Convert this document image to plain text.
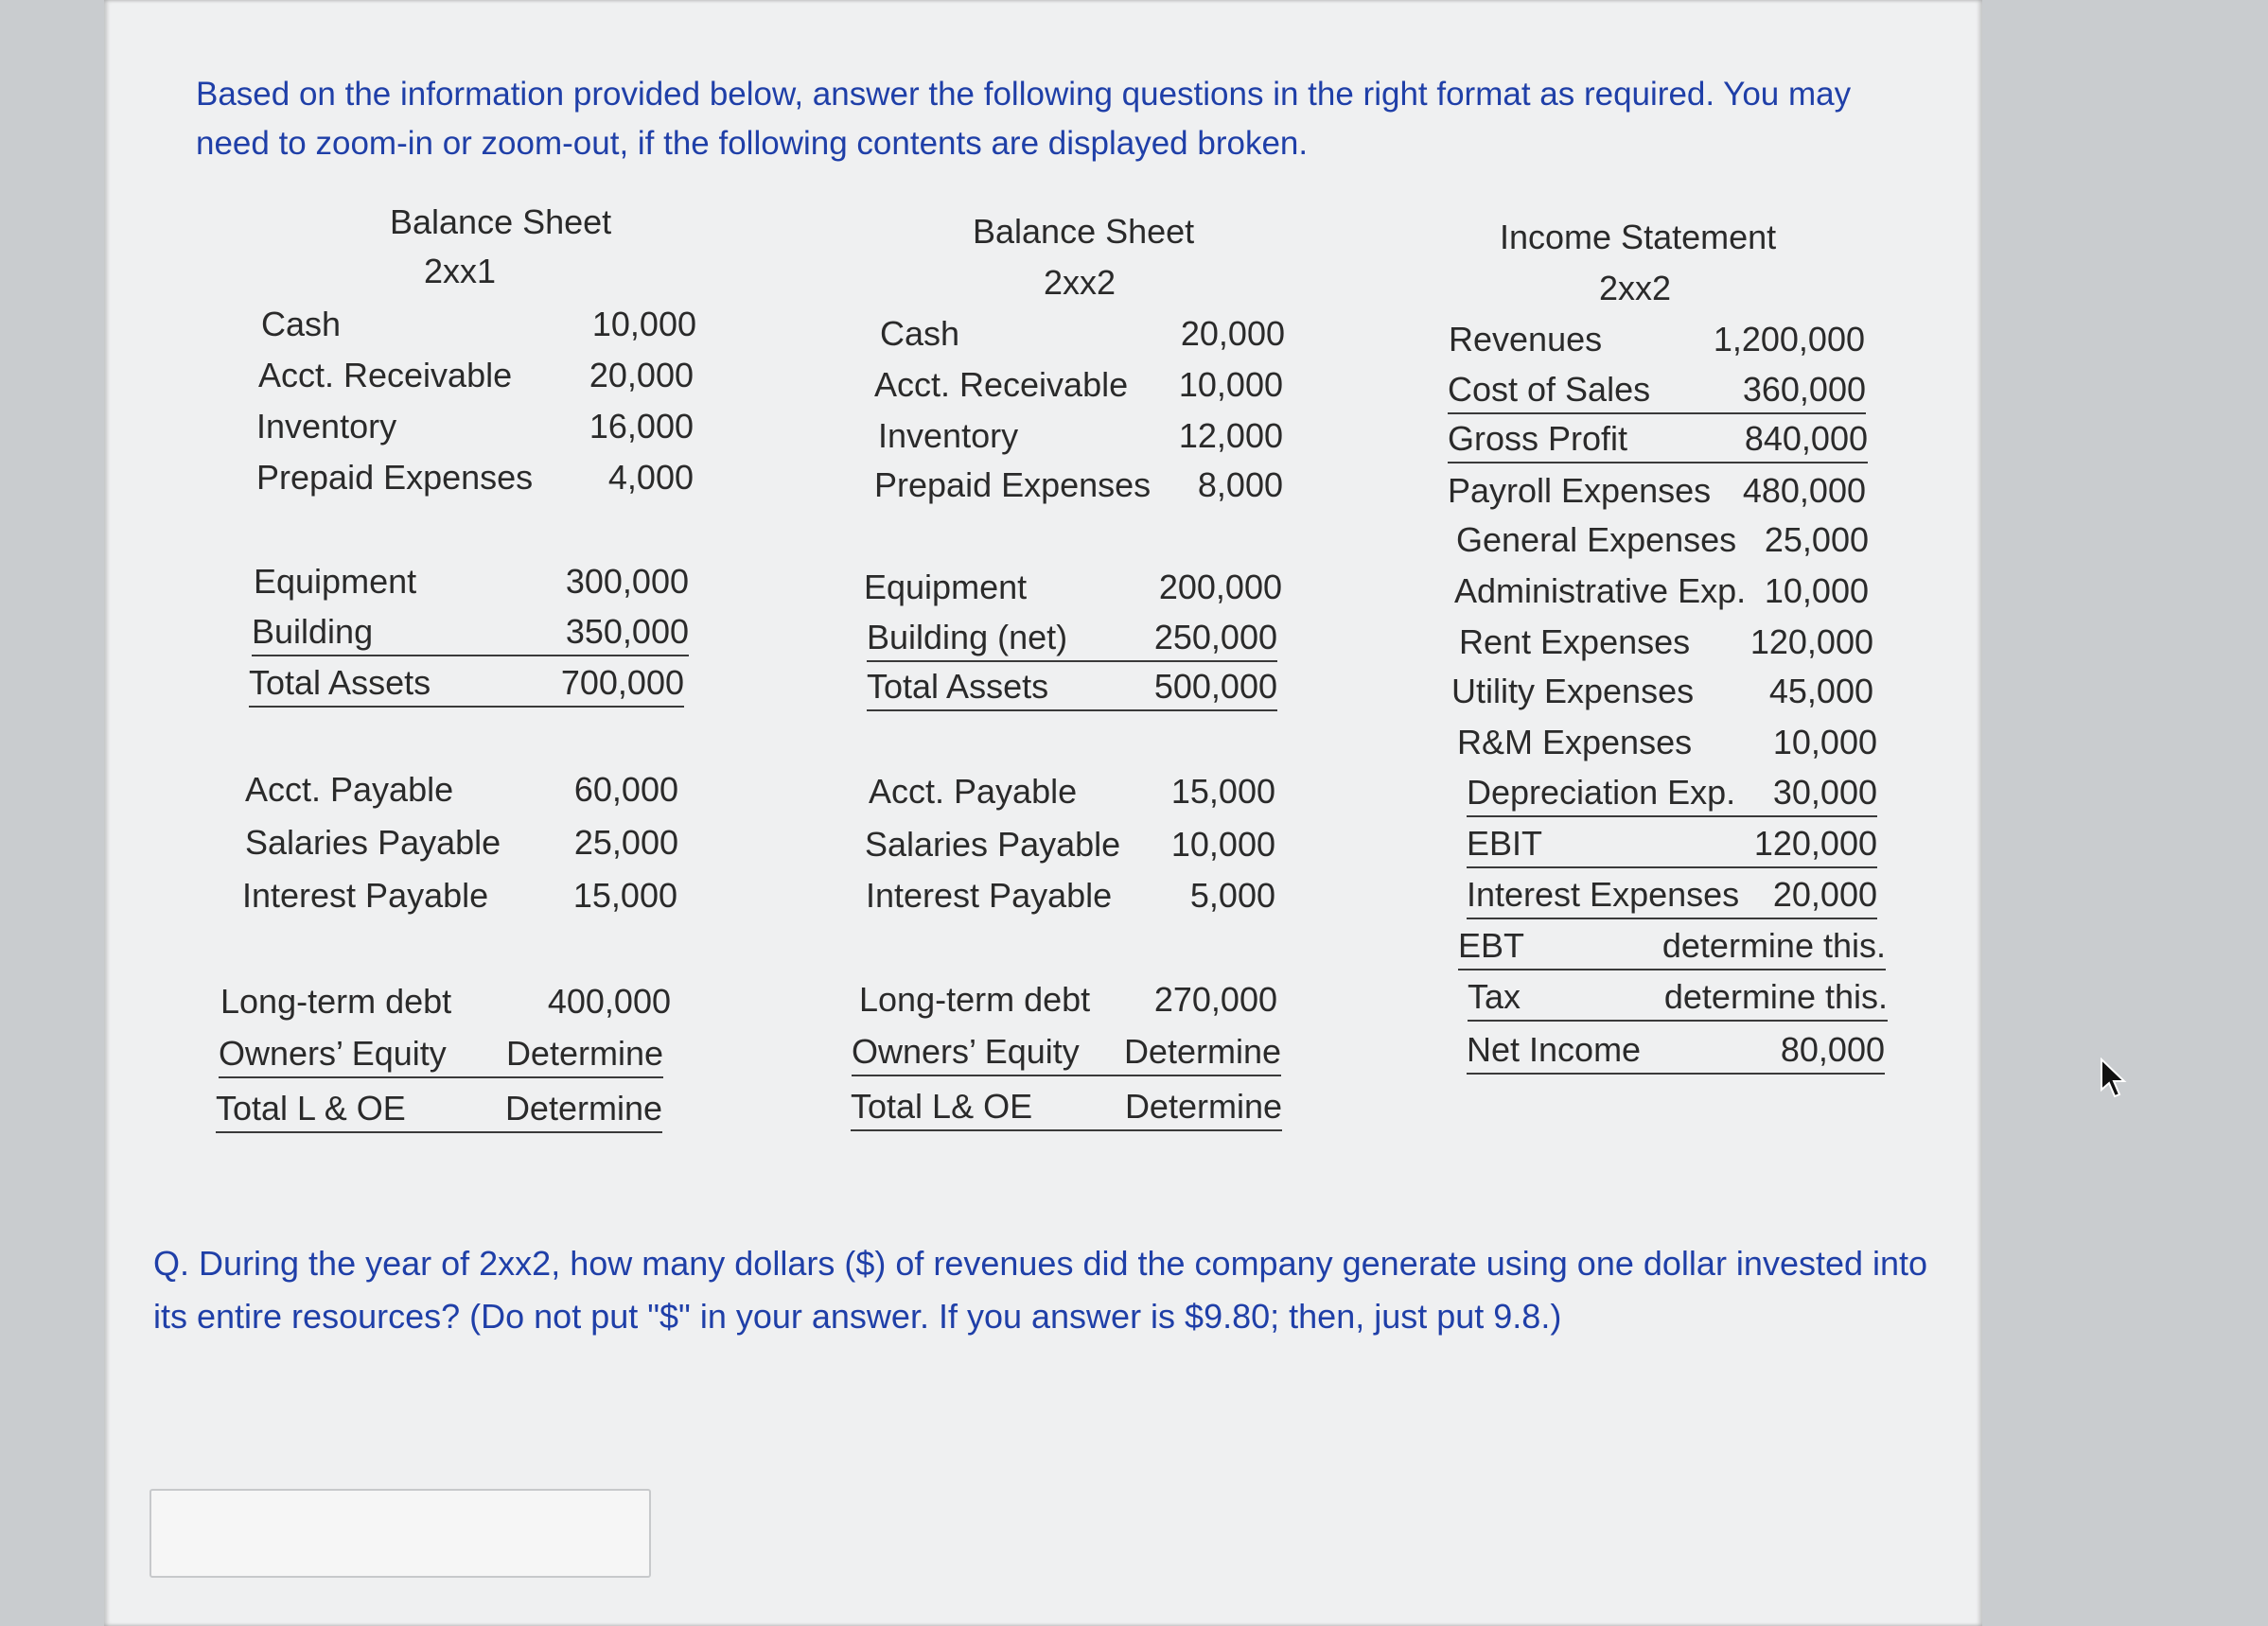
Based on the information provided below, answer the following questions in the right format as required. You may need to zoom-in or zoom-out, if the following contents are displayed broken.
Balance Sheet
2xx1
Cash	10,000
Acct. Receivable 20,000
Inventory	16,000
Prepaid Expenses 4,000
Equipment	300,000
Building	350,000
Total Assets	700,000
Acct. Payable	60,000
Salaries Payable 25,000
Interest Payable 15,000
Long-term debt	400,000
Owners’ Equity Determine
Total L & OE	Determine
Balance Sheet
2xx2
Cash	20,000
Acct. Receivable 10,000
Inventory	12,000
Prepaid Expenses 8,000
Equipment	200,000
Building (net)	250,000
Total Assets	500,000
Acct. Payable	15,000
Salaries Payable 10,000
Interest Payable 5,000
Long-term debt 270,000
Owners’ Equity Determine
Total L& OE	Determine
Income Statement
2xx2
Revenues	1,200,000
Cost of Sales	360,000
Gross Profit	840,000
Payroll Expenses 480,000
General Expenses 25,000
Administrative Exp. 10,000
Rent Expenses 120,000
Utility Expenses 45,000
R&M Expenses 10,000
Depreciation Exp. 30,000
EBIT	120,000
Interest Expenses 20,000
EBT	determine this.
Tax	determine this.
Net Income	80,000
Q. During the year of 2xx2, how many dollars ($) of revenues did the company generate using one dollar invested into its entire resources? (Do not put "$" in your answer. If you answer is $9.80; then, just put 9.8.)
